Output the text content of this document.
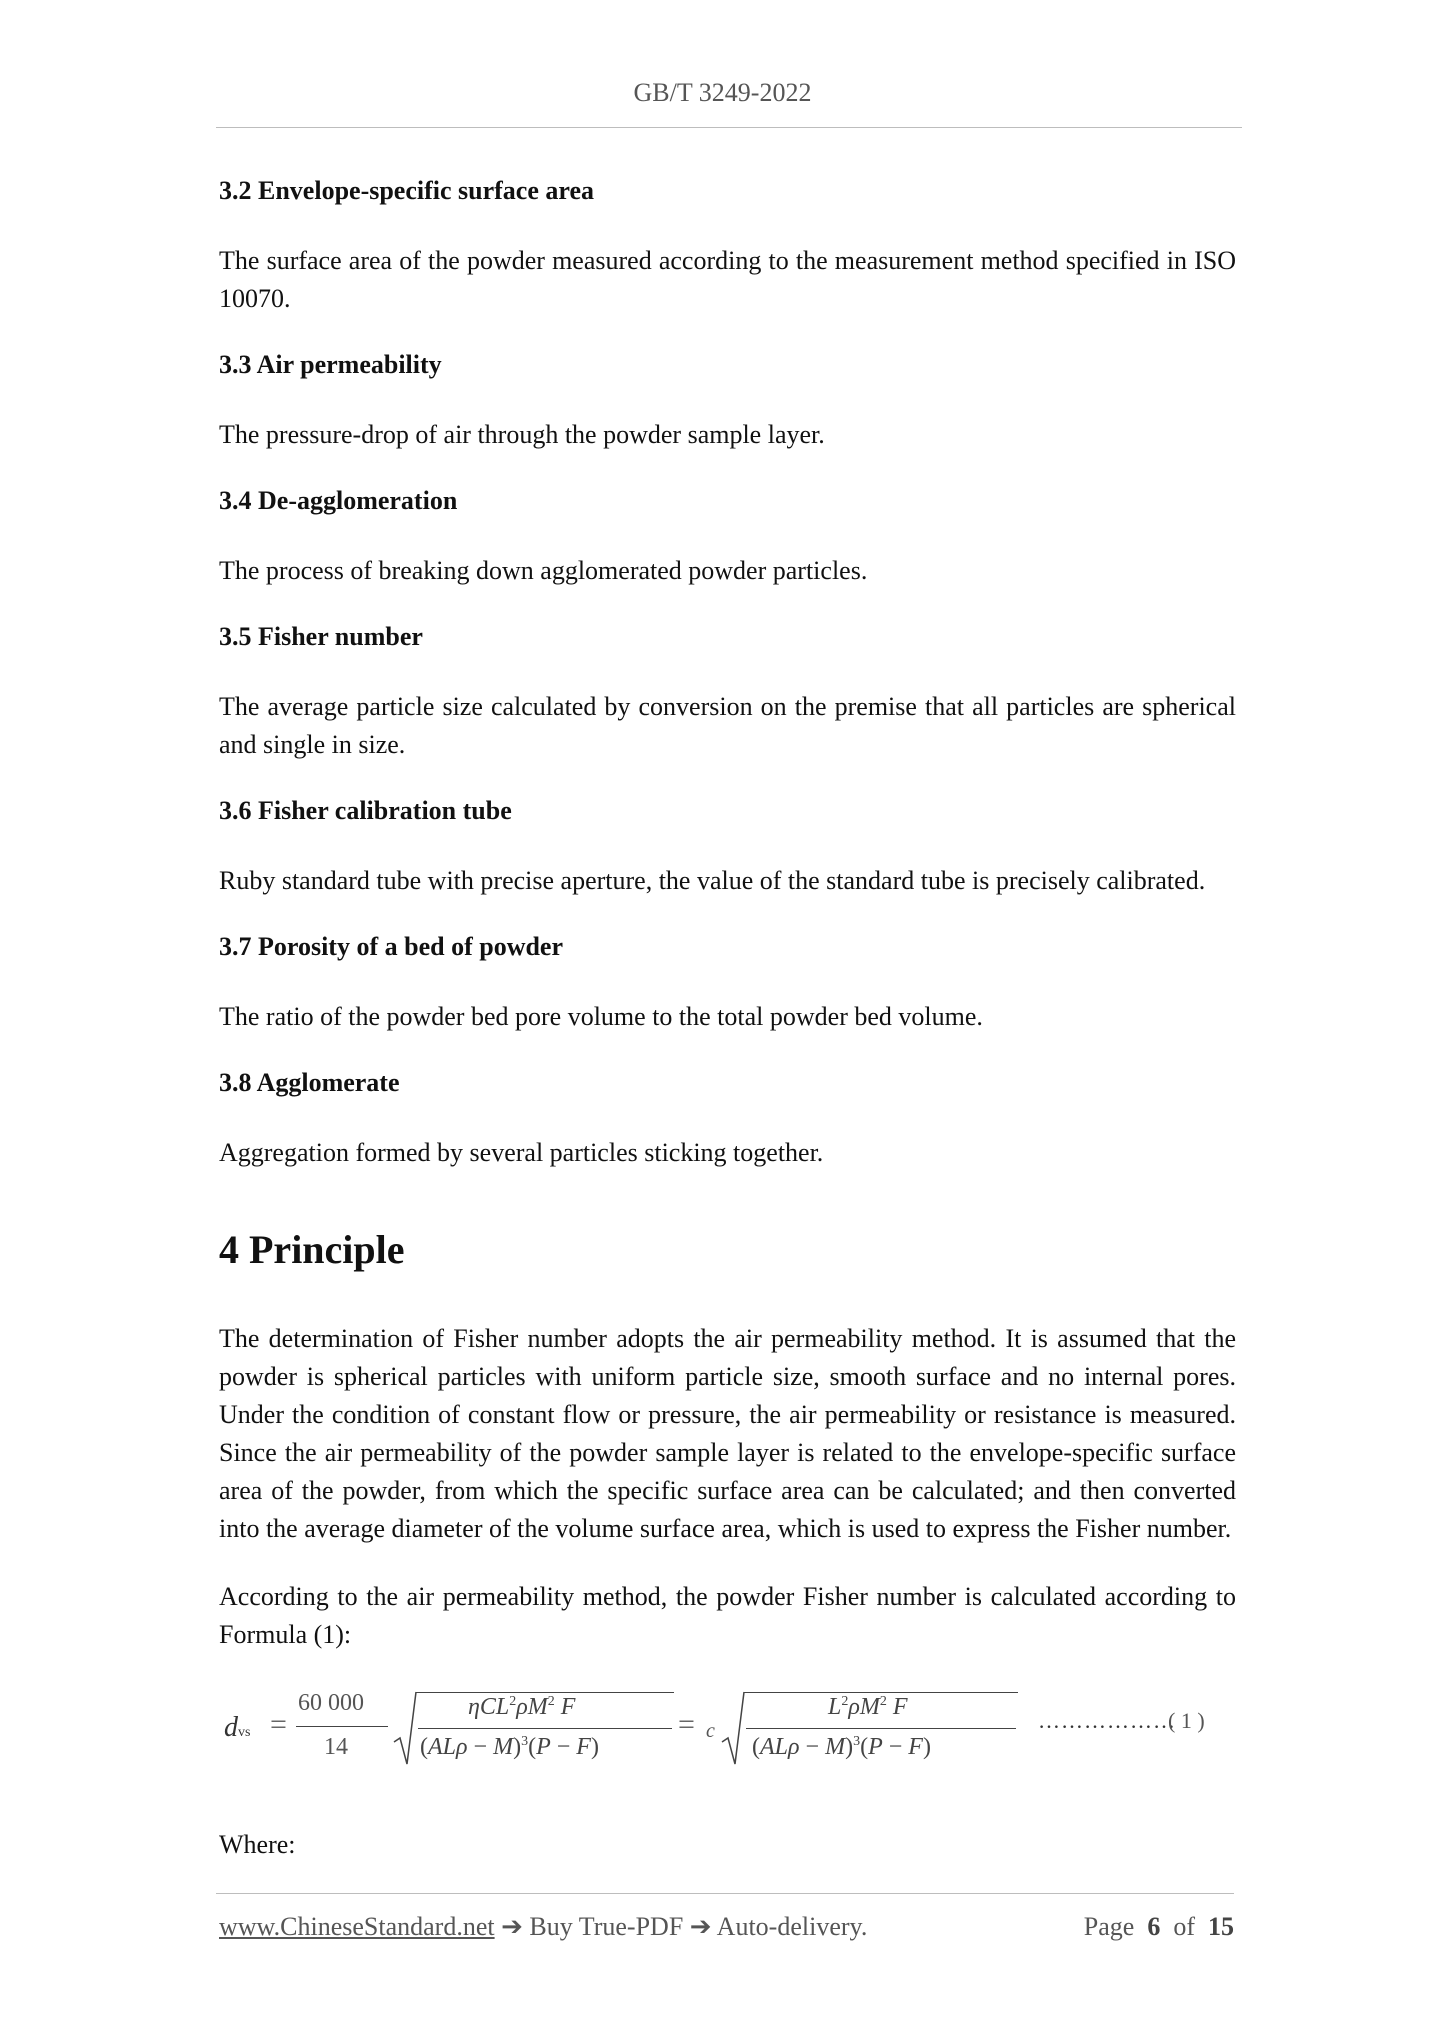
GB/T 3249-2022
3.2 Envelope-specific surface area
The surface area of the powder measured according to the measurement method specified in ISO 10070.
3.3 Air permeability
The pressure-drop of air through the powder sample layer.
3.4 De-agglomeration
The process of breaking down agglomerated powder particles.
3.5 Fisher number
The average particle size calculated by conversion on the premise that all particles are spherical and single in size.
3.6 Fisher calibration tube
Ruby standard tube with precise aperture, the value of the standard tube is precisely calibrated.
3.7 Porosity of a bed of powder
The ratio of the powder bed pore volume to the total powder bed volume.
3.8 Agglomerate
Aggregation formed by several particles sticking together.
4 Principle
The determination of Fisher number adopts the air permeability method. It is assumed that the powder is spherical particles with uniform particle size, smooth surface and no internal pores. Under the condition of constant flow or pressure, the air permeability or resistance is measured. Since the air permeability of the powder sample layer is related to the envelope-specific surface area of the powder, from which the specific surface area can be calculated; and then converted into the average diameter of the volume surface area, which is used to express the Fisher number.
According to the air permeability method, the powder Fisher number is calculated according to Formula (1):
Where:
dvs =
60 000
14
$\eta CL^2\rho M^2$ F
$(AL\rho - M)^3(P - F)$
= c
$L^2\rho M^2$ F
$(AL\rho - M)^3(P - F)$
………………
( 1 )
www.ChineseStandard.net ➔ Buy True-PDF ➔ Auto-delivery.	Page 6 of 15
